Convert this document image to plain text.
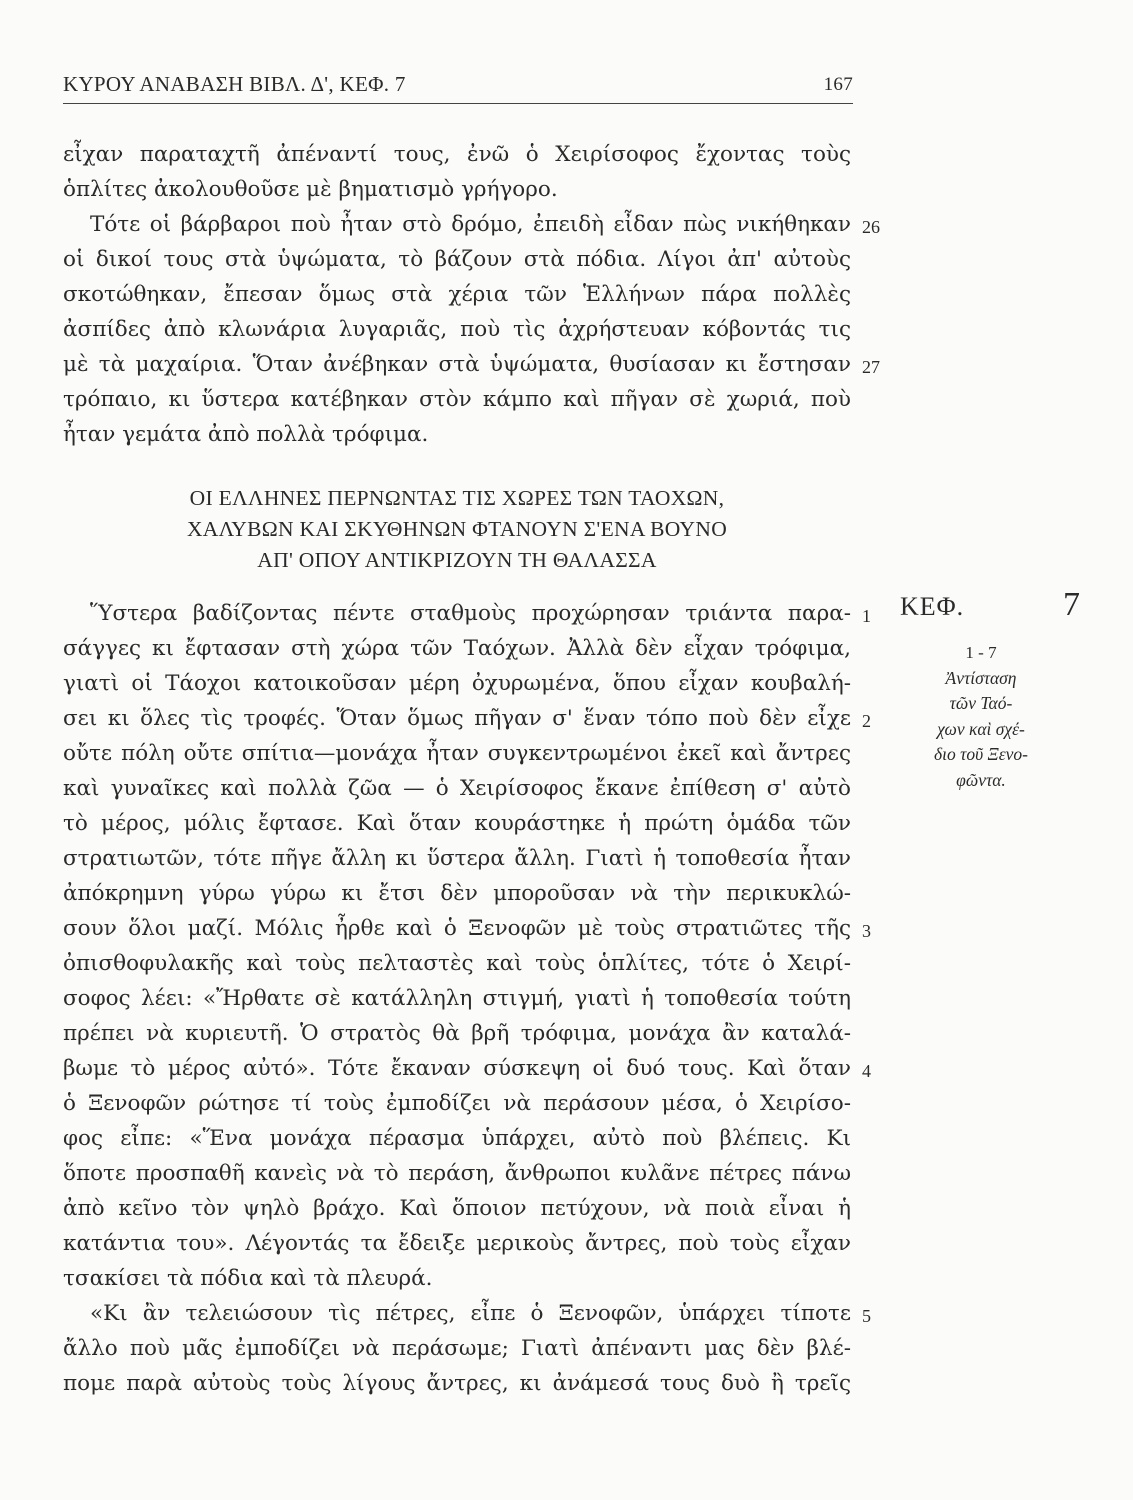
ΚΥΡΟΥ ΑΝΑΒΑΣΗ ΒΙΒΛ. Δ', ΚΕΦ. 7	167
εἶχαν παραταχτῆ ἀπέναντί τους, ἐνῶ ὁ Χειρίσοφος ἔχοντας τοὺς
ὁπλίτες ἀκολουθοῦσε μὲ βηματισμὸ γρήγορο.
Τότε οἱ βάρβαροι ποὺ ἦταν στὸ δρόμο, ἐπειδὴ εἶδαν πὼς νικήθηκαν
οἱ δικοί τους στὰ ὑψώματα, τὸ βάζουν στὰ πόδια. Λίγοι ἀπ' αὐτοὺς
σκοτώθηκαν, ἔπεσαν ὅμως στὰ χέρια τῶν Ἑλλήνων πάρα πολλὲς
ἀσπίδες ἀπὸ κλωνάρια λυγαριᾶς, ποὺ τὶς ἀχρήστευαν κόβοντάς τις
μὲ τὰ μαχαίρια. Ὅταν ἀνέβηκαν στὰ ὑψώματα, θυσίασαν κι ἔστησαν
τρόπαιο, κι ὕστερα κατέβηκαν στὸν κάμπο καὶ πῆγαν σὲ χωριά, ποὺ
ἦταν γεμάτα ἀπὸ πολλὰ τρόφιμα.
ΟΙ ΕΛΛΗΝΕΣ ΠΕΡΝΩΝΤΑΣ ΤΙΣ ΧΩΡΕΣ ΤΩΝ ΤΑΟΧΩΝ,
ΧΑΛΥΒΩΝ ΚΑΙ ΣΚΥΘΗΝΩΝ ΦΤΑΝΟΥΝ Σ'ΕΝΑ ΒΟΥΝΟ
ΑΠ' ΟΠΟΥ ΑΝΤΙΚΡΙΖΟΥΝ ΤΗ ΘΑΛΑΣΣΑ
Ὕστερα βαδίζοντας πέντε σταθμοὺς προχώρησαν τριάντα παρα-
σάγγες κι ἔφτασαν στὴ χώρα τῶν Ταόχων. Ἀλλὰ δὲν εἶχαν τρόφιμα,
γιατὶ οἱ Τάοχοι κατοικοῦσαν μέρη ὀχυρωμένα, ὅπου εἶχαν κουβαλή-
σει κι ὅλες τὶς τροφές. Ὅταν ὅμως πῆγαν σ' ἕναν τόπο ποὺ δὲν εἶχε
οὔτε πόλη οὔτε σπίτια—μονάχα ἦταν συγκεντρωμένοι ἐκεῖ καὶ ἄντρες
καὶ γυναῖκες καὶ πολλὰ ζῶα — ὁ Χειρίσοφος ἔκανε ἐπίθεση σ' αὐτὸ
τὸ μέρος, μόλις ἔφτασε. Καὶ ὅταν κουράστηκε ἡ πρώτη ὁμάδα τῶν
στρατιωτῶν, τότε πῆγε ἄλλη κι ὕστερα ἄλλη. Γιατὶ ἡ τοποθεσία ἦταν
ἀπόκρημνη γύρω γύρω κι ἔτσι δὲν μποροῦσαν νὰ τὴν περικυκλώ-
σουν ὅλοι μαζί. Μόλις ἦρθε καὶ ὁ Ξενοφῶν μὲ τοὺς στρατιῶτες τῆς
ὀπισθοφυλακῆς καὶ τοὺς πελταστὲς καὶ τοὺς ὁπλίτες, τότε ὁ Χειρί-
σοφος λέει: «Ἤρθατε σὲ κατάλληλη στιγμή, γιατὶ ἡ τοποθεσία τούτη
πρέπει νὰ κυριευτῆ. Ὁ στρατὸς θὰ βρῆ τρόφιμα, μονάχα ἂν καταλά-
βωμε τὸ μέρος αὐτό». Τότε ἔκαναν σύσκεψη οἱ δυό τους. Καὶ ὅταν
ὁ Ξενοφῶν ρώτησε τί τοὺς ἐμποδίζει νὰ περάσουν μέσα, ὁ Χειρίσο-
φος εἶπε: «Ἕνα μονάχα πέρασμα ὑπάρχει, αὐτὸ ποὺ βλέπεις. Κι
ὅποτε προσπαθῆ κανεὶς νὰ τὸ περάση, ἄνθρωποι κυλᾶνε πέτρες πάνω
ἀπὸ κεῖνο τὸν ψηλὸ βράχο. Καὶ ὅποιον πετύχουν, νὰ ποιὰ εἶναι ἡ
κατάντια του». Λέγοντάς τα ἔδειξε μερικοὺς ἄντρες, ποὺ τοὺς εἶχαν
τσακίσει τὰ πόδια καὶ τὰ πλευρά.
«Κι ἂν τελειώσουν τὶς πέτρες, εἶπε ὁ Ξενοφῶν, ὑπάρχει τίποτε
ἄλλο ποὺ μᾶς ἐμποδίζει νὰ περάσωμε; Γιατὶ ἀπέναντι μας δὲν βλέ-
πομε παρὰ αὐτοὺς τοὺς λίγους ἄντρες, κι ἀνάμεσά τους δυὸ ἢ τρεῖς
26
27
1
2
3
4
5
ΚΕΦ.	7
1 - 7
Ἀντίσταση
τῶν Ταό-
χων καὶ σχέ-
διο τοῦ Ξενο-
φῶντα.
